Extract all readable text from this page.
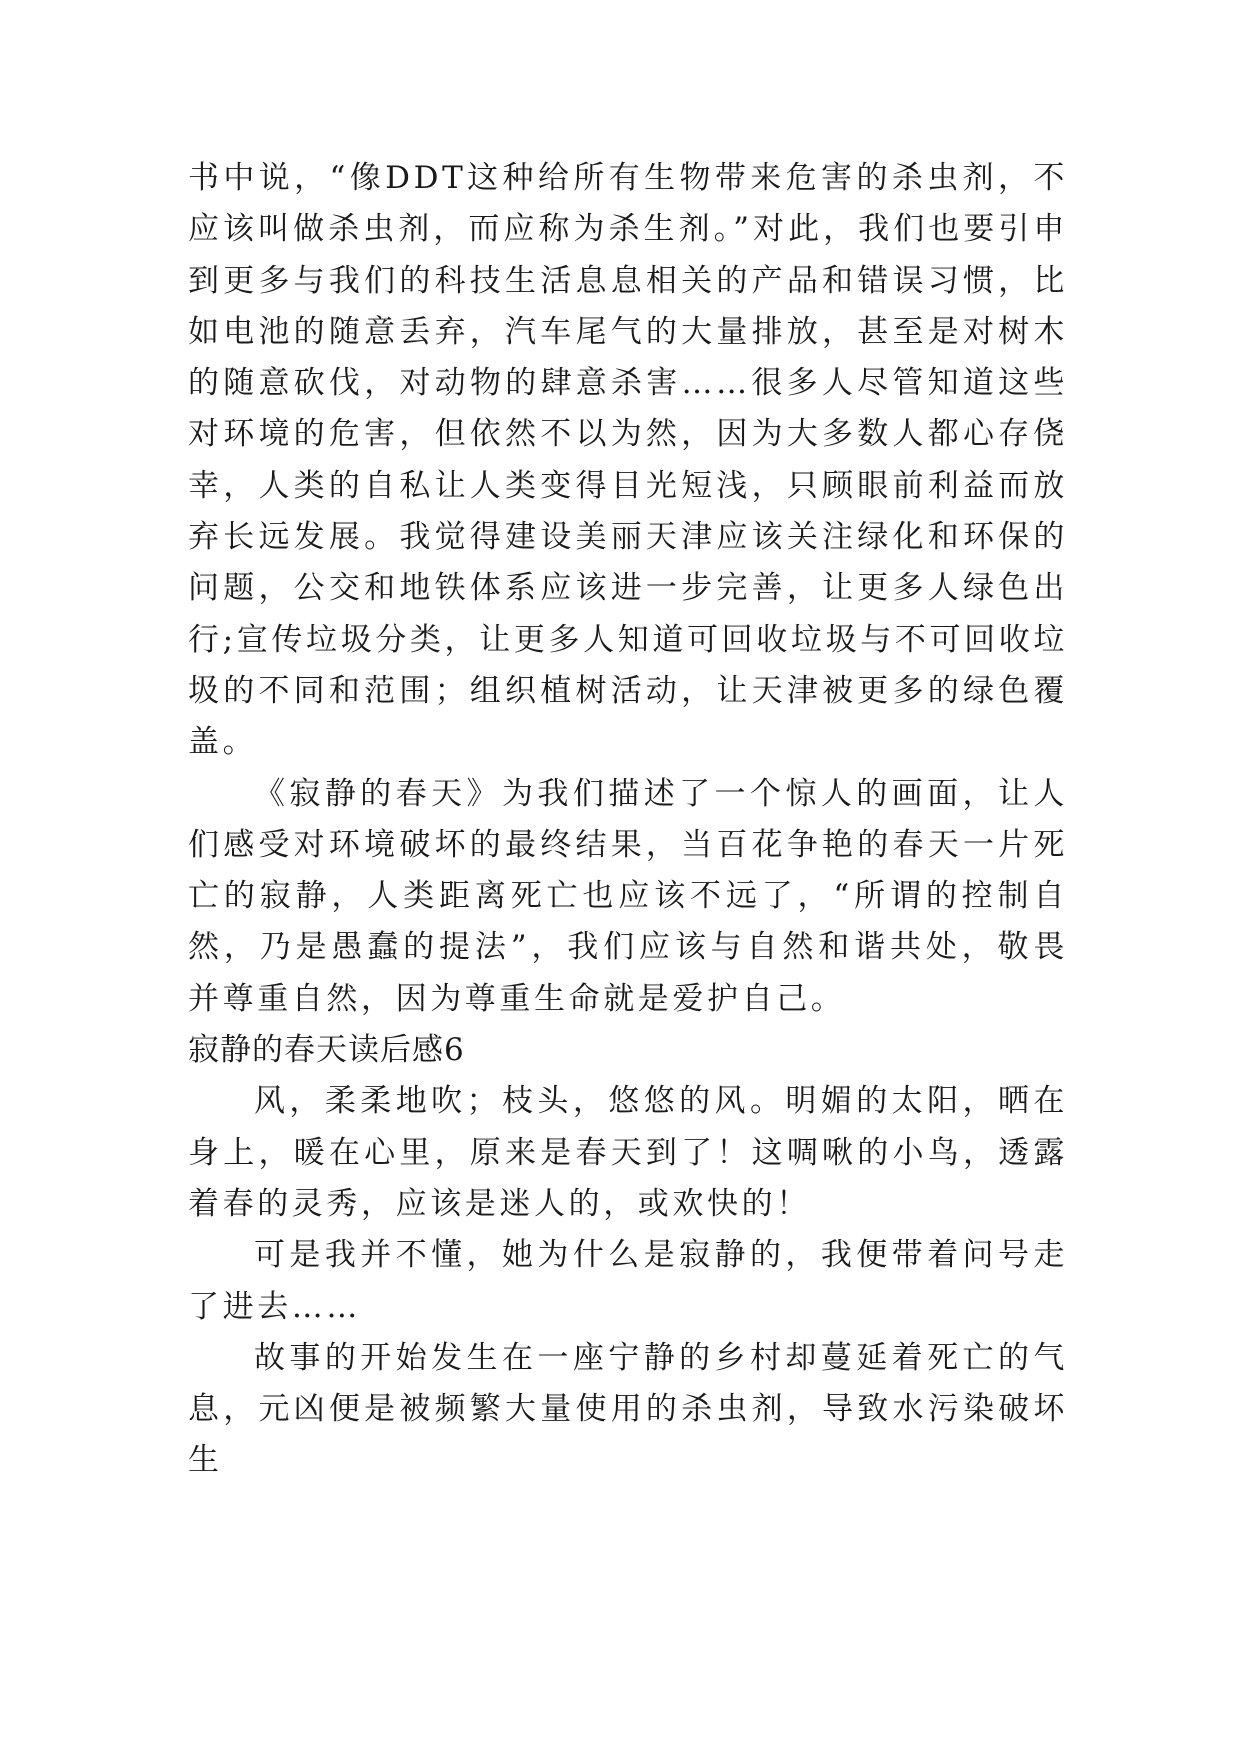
书中说，“像DDT这种给所有生物带来危害的杀虫剂，不应该叫做杀虫剂，而应称为杀生剂。”对此，我们也要引申到更多与我们的科技生活息息相关的产品和错误习惯，比如电池的随意丢弃，汽车尾气的大量排放，甚至是对树木的随意砍伐，对动物的肆意杀害……很多人尽管知道这些对环境的危害，但依然不以为然，因为大多数人都心存侥幸，人类的自私让人类变得目光短浅，只顾眼前利益而放弃长远发展。我觉得建设美丽天津应该关注绿化和环保的问题，公交和地铁体系应该进一步完善，让更多人绿色出行;宣传垃圾分类，让更多人知道可回收垃圾与不可回收垃圾的不同和范围；组织植树活动，让天津被更多的绿色覆盖。

《寂静的春天》为我们描述了一个惊人的画面，让人们感受对环境破坏的最终结果，当百花争艳的春天一片死亡的寂静，人类距离死亡也应该不远了，“所谓的控制自然，乃是愚蠢的提法”，我们应该与自然和谐共处，敬畏并尊重自然，因为尊重生命就是爱护自己。

寂静的春天读后感6

风，柔柔地吹；枝头，悠悠的风。明媚的太阳，晒在身上，暖在心里，原来是春天到了！这啁啾的小鸟，透露着春的灵秀，应该是迷人的，或欢快的！

可是我并不懂，她为什么是寂静的，我便带着问号走了进去……

故事的开始发生在一座宁静的乡村却蔓延着死亡的气息，元凶便是被频繁大量使用的杀虫剂，导致水污染破坏生
